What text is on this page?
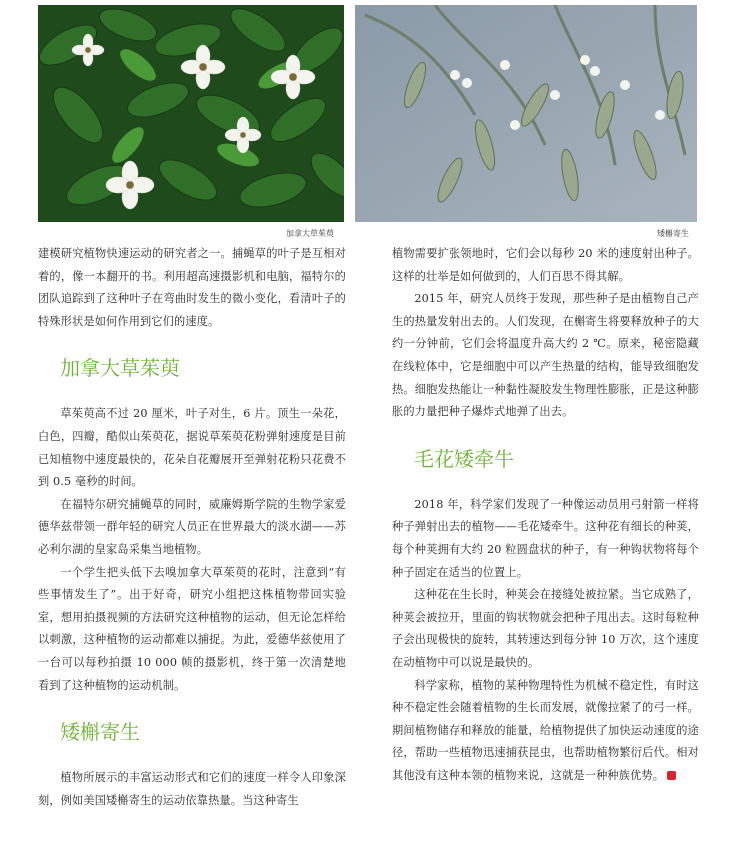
加拿大草茱萸	矮槲寄生

建模研究植物快速运动的研究者之一。捕蝇草的叶子是互相对着的，像一本翻开的书。利用超高速摄影机和电脑，福特尔的团队追踪到了这种叶子在弯曲时发生的微小变化，看清叶子的特殊形状是如何作用到它们的速度。

加拿大草茱萸

草茱萸高不过 20 厘米，叶子对生，6 片。顶生一朵花，白色，四瓣，酷似山茱萸花，据说草茱萸花粉弹射速度是目前已知植物中速度最快的，花朵自花瓣展开至弹射花粉只花费不到 0.5 毫秒的时间。

在福特尔研究捕蝇草的同时，威廉姆斯学院的生物学家爱德华兹带领一群年轻的研究人员正在世界最大的淡水湖——苏必利尔湖的皇家岛采集当地植物。

一个学生把头低下去嗅加拿大草茱萸的花时，注意到“有些事情发生了”。出于好奇，研究小组把这株植物带回实验室，想用拍摄视频的方法研究这种植物的运动，但无论怎样给以刺激，这种植物的运动都难以捕捉。为此，爱德华兹使用了一台可以每秒拍摄 10 000 帧的摄影机，终于第一次清楚地看到了这种植物的运动机制。

矮槲寄生

植物所展示的丰富运动形式和它们的速度一样令人印象深刻，例如美国矮槲寄生的运动依靠热量。当这种寄生

植物需要扩张领地时，它们会以每秒 20 米的速度射出种子。这样的壮举是如何做到的，人们百思不得其解。

2015 年，研究人员终于发现，那些种子是由植物自己产生的热量发射出去的。人们发现，在槲寄生将要释放种子的大约一分钟前，它们会将温度升高大约 2 ℃。原来，秘密隐藏在线粒体中，它是细胞中可以产生热量的结构，能导致细胞发热。细胞发热能让一种黏性凝胶发生物理性膨胀，正是这种膨胀的力量把种子爆炸式地弹了出去。

毛花矮牵牛

2018 年，科学家们发现了一种像运动员用弓射箭一样将种子弹射出去的植物——毛花矮牵牛。这种花有细长的种荚，每个种荚拥有大约 20 粒圆盘状的种子，有一种钩状物将每个种子固定在适当的位置上。

这种花在生长时，种荚会在接缝处被拉紧。当它成熟了，种荚会被拉开，里面的钩状物就会把种子甩出去。这时每粒种子会出现极快的旋转，其转速达到每分钟 10 万次，这个速度在动植物中可以说是最快的。

科学家称，植物的某种物理特性为机械不稳定性，有时这种不稳定性会随着植物的生长而发展，就像拉紧了的弓一样。期间植物储存和释放的能量，给植物提供了加快运动速度的途径，帮助一些植物迅速捕获昆虫，也帮助植物繁衍后代。相对其他没有这种本领的植物来说，这就是一种种族优势。
